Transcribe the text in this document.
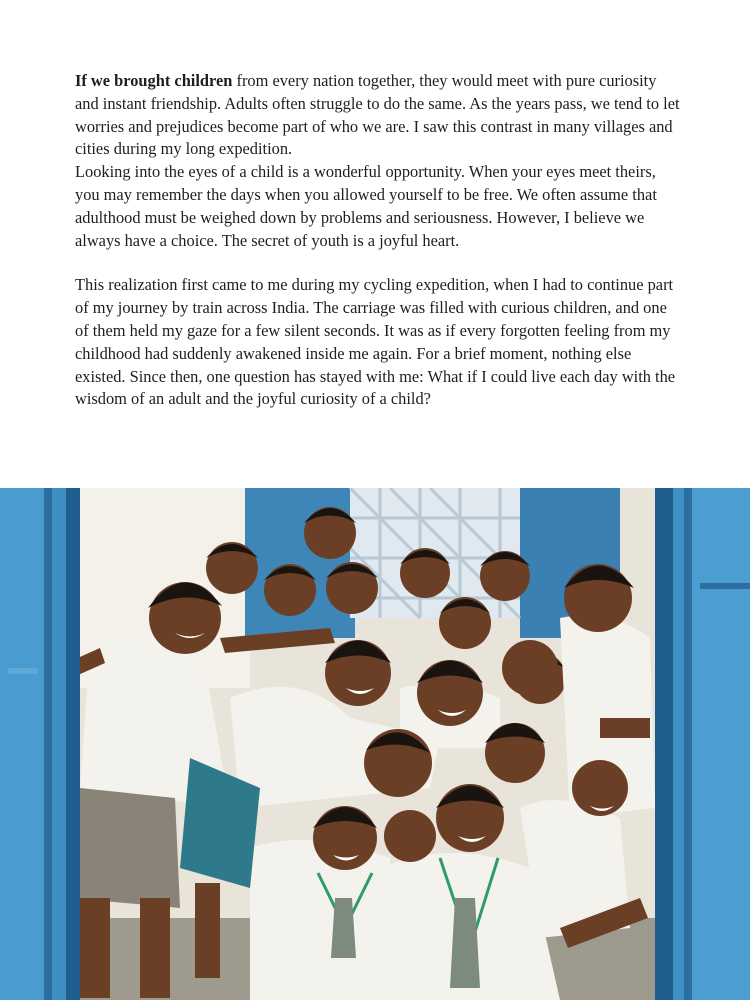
If we brought children from every nation together, they would meet with pure curiosity and instant friendship. Adults often struggle to do the same. As the years pass, we tend to let worries and prejudices become part of who we are. I saw this contrast in many villages and cities during my long expedition.

Looking into the eyes of a child is a wonderful opportunity. When your eyes meet theirs, you may remember the days when you allowed yourself to be free. We often assume that adulthood must be weighed down by problems and seriousness. However, I believe we always have a choice. The secret of youth is a joyful heart.

This realization first came to me during my cycling expedition, when I had to continue part of my journey by train across India. The carriage was filled with curious children, and one of them held my gaze for a few silent seconds. It was as if every forgotten feeling from my childhood had suddenly awakened inside me again. For a brief moment, nothing else existed. Since then, one question has stayed with me: What if I could live each day with the wisdom of an adult and the joyful curiosity of a child?
